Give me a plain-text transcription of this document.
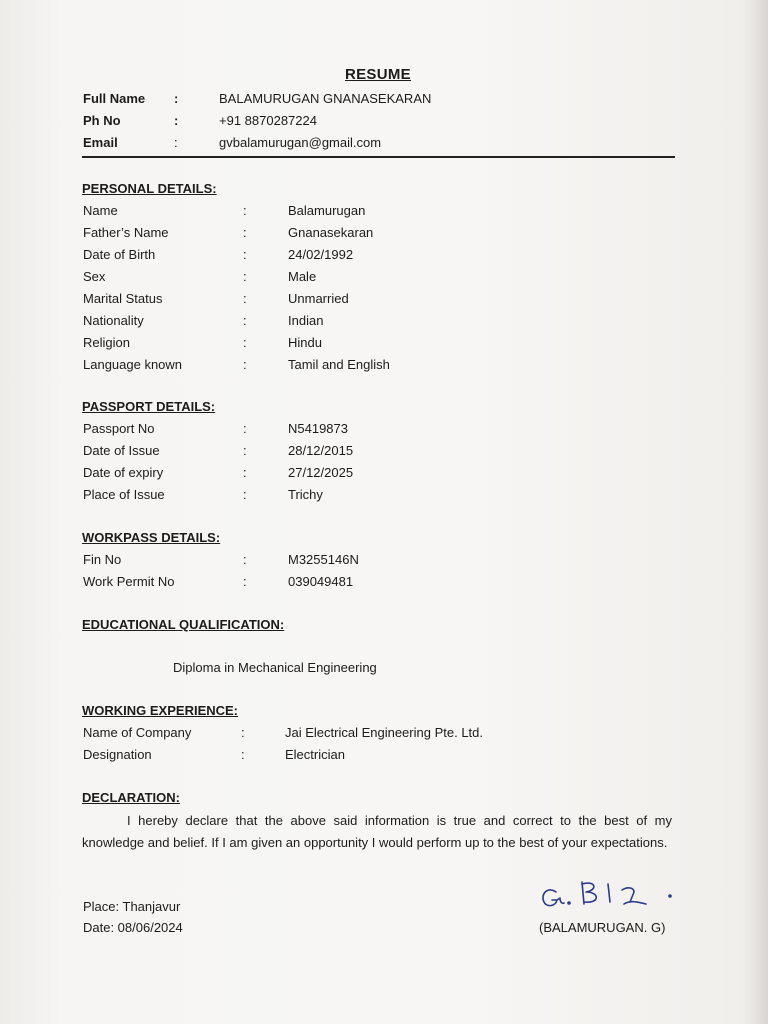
RESUME
Full Name :	BALAMURUGAN GNANASEKARAN
Ph No	:	+91 8870287224
Email	:	gvbalamurugan@gmail.com
PERSONAL DETAILS:
Name	:	Balamurugan
Father’s Name	:	Gnanasekaran
Date of Birth	:	24/02/1992
Sex	:	Male
Marital Status	:	Unmarried
Nationality	:	Indian
Religion	:	Hindu
Language known	:	Tamil and English
PASSPORT DETAILS:
Passport No	:	N5419873
Date of Issue	:	28/12/2015
Date of expiry	:	27/12/2025
Place of Issue	:	Trichy
WORKPASS DETAILS:
Fin No	:	M3255146N
Work Permit No	:	039049481
EDUCATIONAL QUALIFICATION:
Diploma in Mechanical Engineering
WORKING EXPERIENCE:
Name of Company	:	Jai Electrical Engineering Pte. Ltd.
Designation	:	Electrician
DECLARATION:
I hereby declare that the above said information is true and correct to the best of my knowledge and belief. If I am given an opportunity I would perform up to the best of your expectations.
Place: Thanjavur
Date: 08/06/2024	(BALAMURUGAN. G)
